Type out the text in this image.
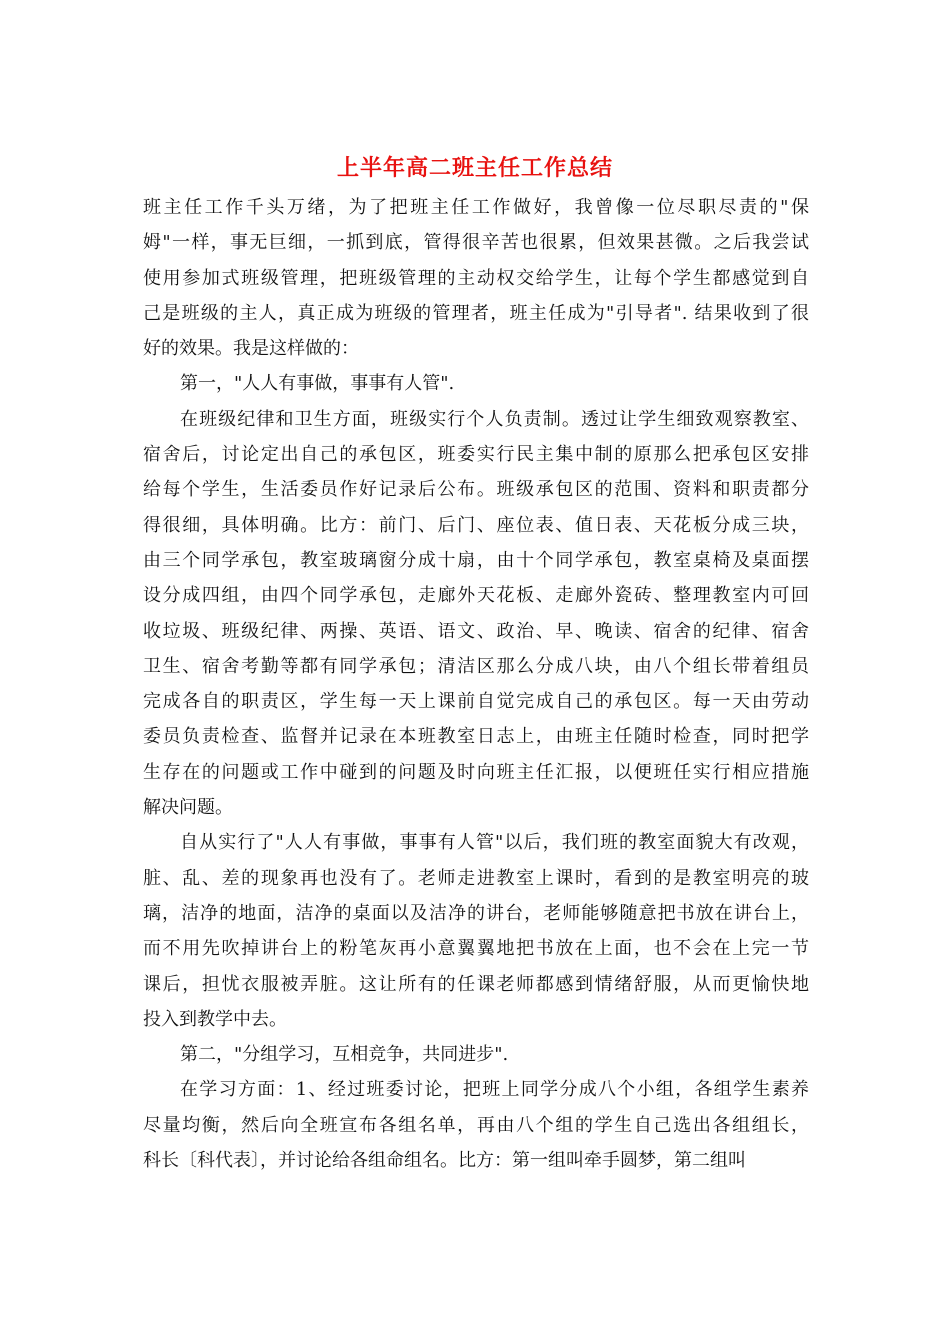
上半年高二班主任工作总结

班主任工作千头万绪，为了把班主任工作做好，我曾像一位尽职尽责的"保
姆"一样，事无巨细，一抓到底，管得很辛苦也很累，但效果甚微。之后我尝试
使用参加式班级管理，把班级管理的主动权交给学生，让每个学生都感觉到自
己是班级的主人，真正成为班级的管理者，班主任成为"引导者". 结果收到了很
好的效果。我是这样做的：

第一，"人人有事做，事事有人管".

在班级纪律和卫生方面，班级实行个人负责制。透过让学生细致观察教室、
宿舍后，讨论定出自己的承包区，班委实行民主集中制的原那么把承包区安排
给每个学生，生活委员作好记录后公布。班级承包区的范围、资料和职责都分
得很细，具体明确。比方：前门、后门、座位表、值日表、天花板分成三块，
由三个同学承包，教室玻璃窗分成十扇，由十个同学承包，教室桌椅及桌面摆
设分成四组，由四个同学承包，走廊外天花板、走廊外瓷砖、整理教室内可回
收垃圾、班级纪律、两操、英语、语文、政治、早、晚读、宿舍的纪律、宿舍
卫生、宿舍考勤等都有同学承包；清洁区那么分成八块，由八个组长带着组员
完成各自的职责区，学生每一天上课前自觉完成自己的承包区。每一天由劳动
委员负责检查、监督并记录在本班教室日志上，由班主任随时检查，同时把学
生存在的问题或工作中碰到的问题及时向班主任汇报，以便班任实行相应措施
解决问题。

自从实行了"人人有事做，事事有人管"以后，我们班的教室面貌大有改观，
脏、乱、差的现象再也没有了。老师走进教室上课时，看到的是教室明亮的玻
璃，洁净的地面，洁净的桌面以及洁净的讲台，老师能够随意把书放在讲台上，
而不用先吹掉讲台上的粉笔灰再小意翼翼地把书放在上面，也不会在上完一节
课后，担忧衣服被弄脏。这让所有的任课老师都感到情绪舒服，从而更愉快地
投入到教学中去。

第二，"分组学习，互相竞争，共同进步".

在学习方面：1、经过班委讨论，把班上同学分成八个小组，各组学生素养
尽量均衡，然后向全班宣布各组名单，再由八个组的学生自己选出各组组长，
科长〔科代表〕，并讨论给各组命组名。比方：第一组叫牵手圆梦，第二组叫
